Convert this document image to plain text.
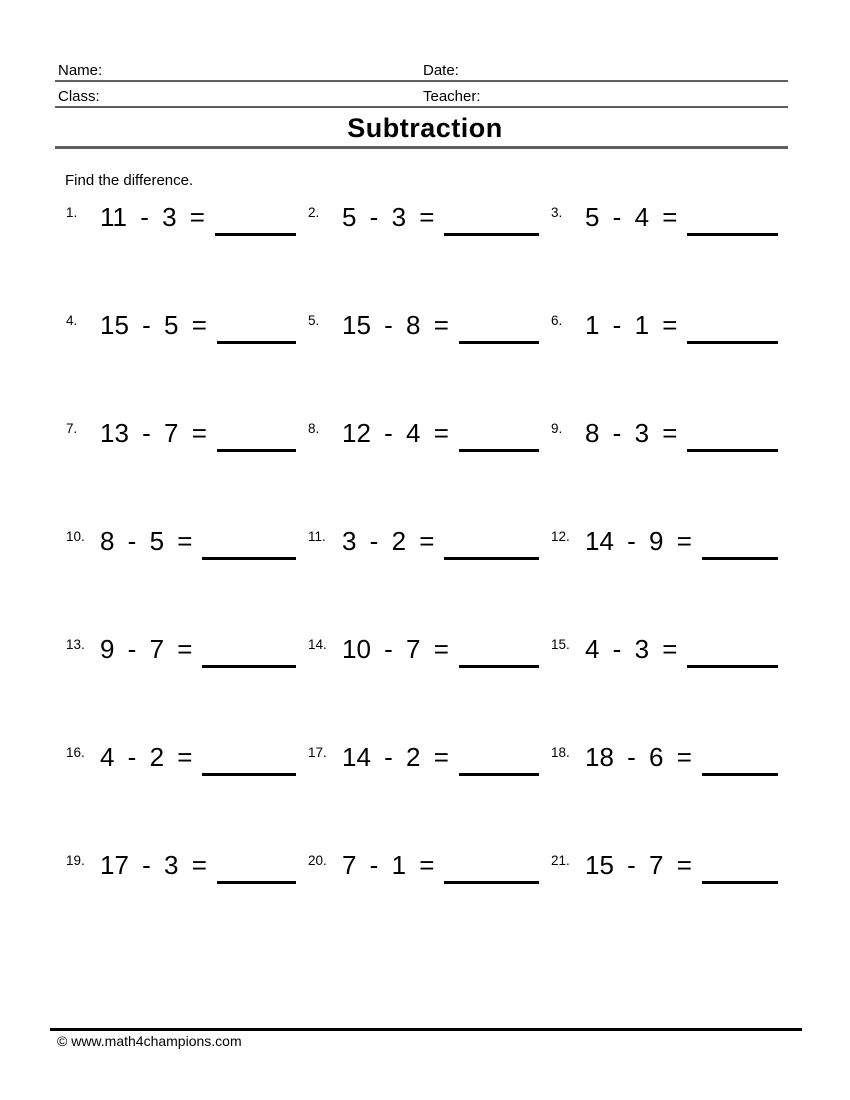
Name:	Date:
Class:	Teacher:
Subtraction
Find the difference.
1. 11 - 3 =	2. 5 - 3 =	3. 5 - 4 =
4. 15 - 5 =	5. 15 - 8 =	6. 1 - 1 =
7. 13 - 7 =	8. 12 - 4 =	9. 8 - 3 =
10. 8 - 5 =	11. 3 - 2 =	12. 14 - 9 =
13. 9 - 7 =	14. 10 - 7 =	15. 4 - 3 =
16. 4 - 2 =	17. 14 - 2 =	18. 18 - 6 =
19. 17 - 3 =	20. 7 - 1 =	21. 15 - 7 =
© www.math4champions.com
